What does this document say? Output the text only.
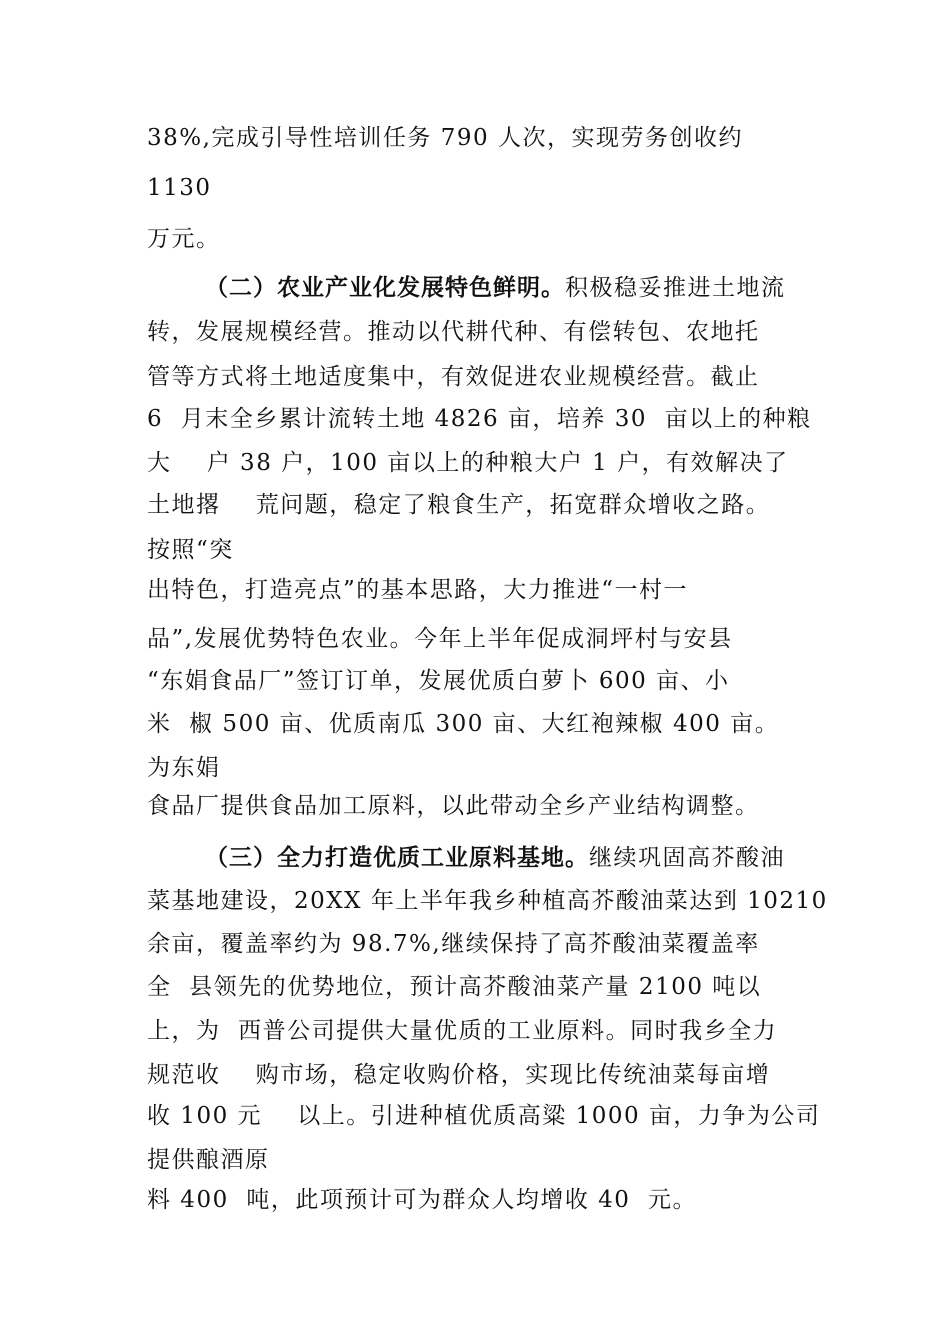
38%,完成引导性培训任务 790 人次，实现劳务创收约
1130
万元。
（二）农业产业化发展特色鲜明。积极稳妥推进土地流
转，发展规模经营。推动以代耕代种、有偿转包、农地托
管等方式将土地适度集中，有效促进农业规模经营。截止
6  月末全乡累计流转土地 4826 亩，培养 30  亩以上的种粮
大    户 38 户，100 亩以上的种粮大户 1 户，有效解决了
土地撂    荒问题，稳定了粮食生产，拓宽群众增收之路。
按照“突
出特色，打造亮点”的基本思路，大力推进“一村一
品”,发展优势特色农业。今年上半年促成洞坪村与安县
“东娟食品厂”签订订单，发展优质白萝卜 600 亩、小
米  椒 500 亩、优质南瓜 300 亩、大红袍辣椒 400 亩。
为东娟
食品厂提供食品加工原料，以此带动全乡产业结构调整。
（三）全力打造优质工业原料基地。继续巩固高芥酸油
菜基地建设，20XX 年上半年我乡种植高芥酸油菜达到 10210
余亩，覆盖率约为 98.7%,继续保持了高芥酸油菜覆盖率
全  县领先的优势地位，预计高芥酸油菜产量 2100 吨以
上，为  西普公司提供大量优质的工业原料。同时我乡全力
规范收    购市场，稳定收购价格，实现比传统油菜每亩增
收 100 元    以上。引进种植优质高粱 1000 亩，力争为公司
提供酿酒原
料 400  吨，此项预计可为群众人均增收 40  元。
